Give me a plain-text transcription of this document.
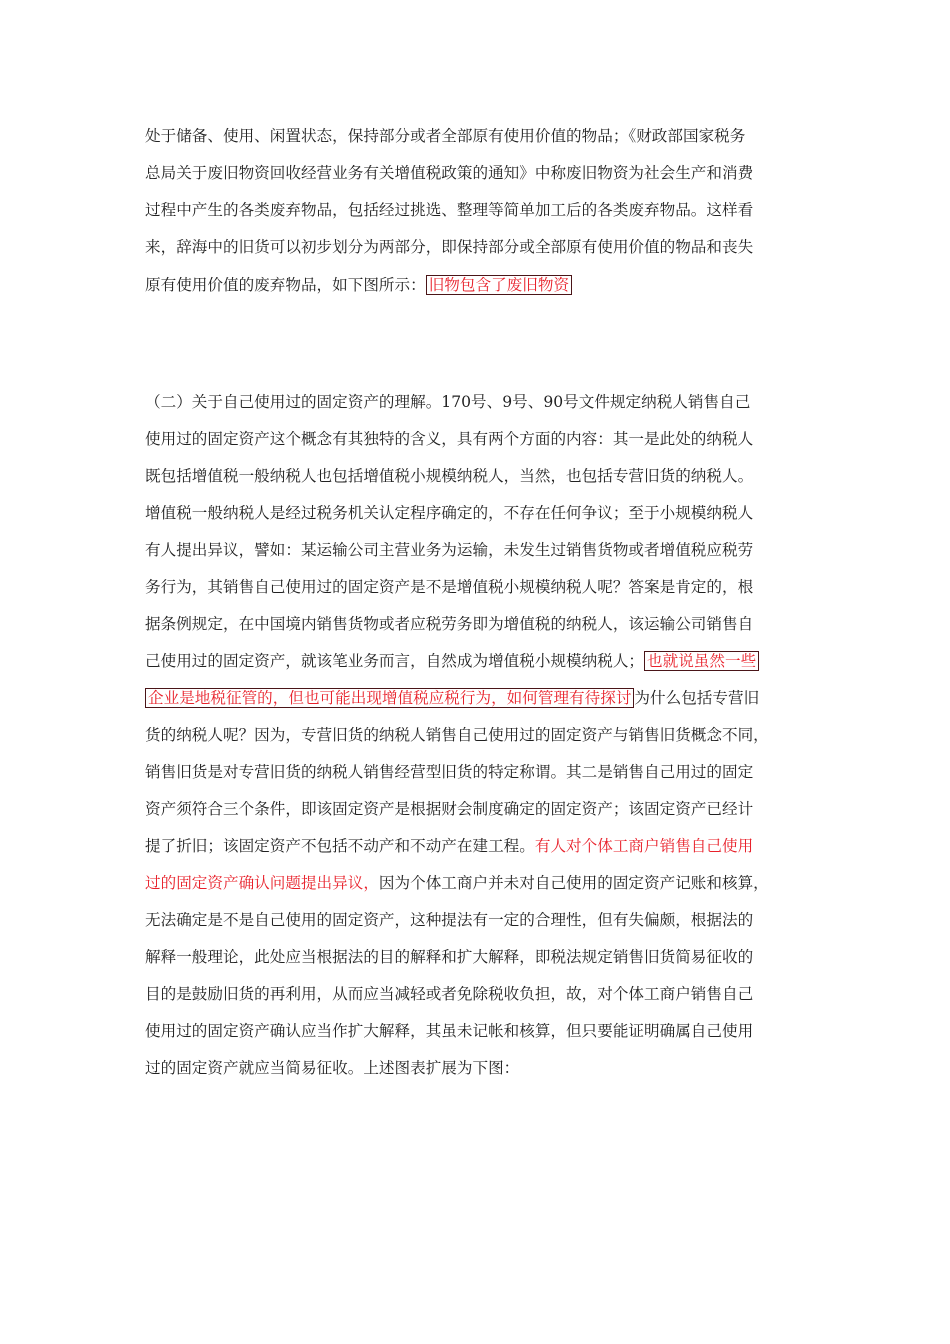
处于储备、使用、闲置状态，保持部分或者全部原有使用价值的物品；《财政部国家税务
总局关于废旧物资回收经营业务有关增值税政策的通知》中称废旧物资为社会生产和消费
过程中产生的各类废弃物品，包括经过挑选、整理等简单加工后的各类废弃物品。这样看
来，辞海中的旧货可以初步划分为两部分，即保持部分或全部原有使用价值的物品和丧失
原有使用价值的废弃物品，如下图所示： 旧物包含了废旧物资
（二）关于自己使用过的固定资产的理解。170号、9号、90号文件规定纳税人销售自己
使用过的固定资产这个概念有其独特的含义，具有两个方面的内容：其一是此处的纳税人
既包括增值税一般纳税人也包括增值税小规模纳税人，当然，也包括专营旧货的纳税人。
增值税一般纳税人是经过税务机关认定程序确定的，不存在任何争议；至于小规模纳税人
有人提出异议，譬如：某运输公司主营业务为运输，未发生过销售货物或者增值税应税劳
务行为，其销售自己使用过的固定资产是不是增值税小规模纳税人呢？答案是肯定的，根
据条例规定，在中国境内销售货物或者应税劳务即为增值税的纳税人，该运输公司销售自
己使用过的固定资产，就该笔业务而言，自然成为增值税小规模纳税人； 也就说虽然一些
企业是地税征管的，但也可能出现增值税应税行为，如何管理有待探讨 为什么包括专营旧
货的纳税人呢？因为，专营旧货的纳税人销售自己使用过的固定资产与销售旧货概念不同，
销售旧货是对专营旧货的纳税人销售经营型旧货的特定称谓。其二是销售自己用过的固定
资产须符合三个条件，即该固定资产是根据财会制度确定的固定资产；该固定资产已经计
提了折旧；该固定资产不包括不动产和不动产在建工程。有人对个体工商户销售自己使用
过的固定资产确认问题提出异议，因为个体工商户并未对自己使用的固定资产记账和核算，
无法确定是不是自己使用的固定资产，这种提法有一定的合理性，但有失偏颇，根据法的
解释一般理论，此处应当根据法的目的解释和扩大解释，即税法规定销售旧货简易征收的
目的是鼓励旧货的再利用，从而应当减轻或者免除税收负担，故，对个体工商户销售自己
使用过的固定资产确认应当作扩大解释，其虽未记帐和核算，但只要能证明确属自己使用
过的固定资产就应当简易征收。上述图表扩展为下图：
